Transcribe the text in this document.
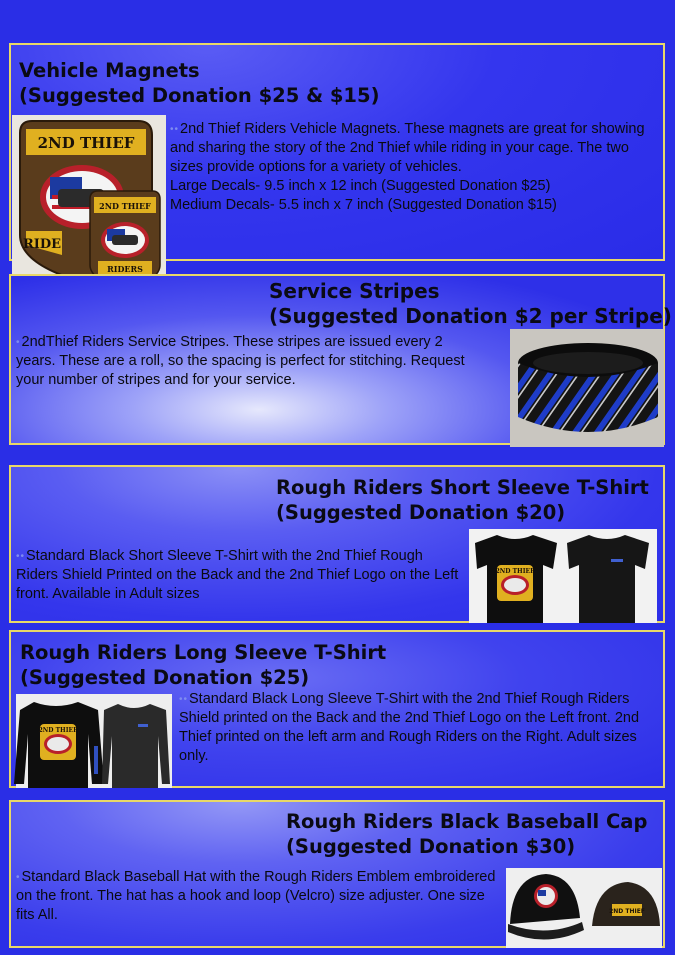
Vehicle Magnets
(Suggested Donation $25 & $15)
2ND THIEF
RIDE
2ND THIEF
RIDERS
••2nd Thief Riders Vehicle Magnets. These magnets are great for showing and sharing the story of the 2nd Thief while riding in your cage. The two sizes provide options for a variety of vehicles.
Large Decals- 9.5 inch x 12 inch (Suggested Donation $25)
Medium Decals- 5.5 inch x 7 inch (Suggested Donation $15)
Service Stripes
(Suggested Donation $2 per Stripe)
•2ndThief Riders Service Stripes. These stripes are issued every 2 years. These are a roll, so the spacing is perfect for stitching. Request your number of stripes and for your service.
Rough Riders Short Sleeve T-Shirt
(Suggested Donation $20)
••Standard Black Short Sleeve T-Shirt with the 2nd Thief Rough Riders Shield Printed on the Back and the 2nd Thief Logo on the Left front. Available in Adult sizes
2ND THIEF
Rough Riders Long Sleeve T-Shirt
(Suggested Donation $25)
2ND THIEF
••Standard Black Long Sleeve T-Shirt with the 2nd Thief Rough Riders Shield printed on the Back and the 2nd Thief Logo on the Left front. 2nd Thief printed on the left arm and Rough Riders on the Right. Adult sizes only.
Rough Riders Black Baseball Cap
(Suggested Donation $30)
•Standard Black Baseball Hat with the Rough Riders Emblem embroidered on the front. The hat has a hook and loop (Velcro) size adjuster. One size fits All.	2ND THIEF
